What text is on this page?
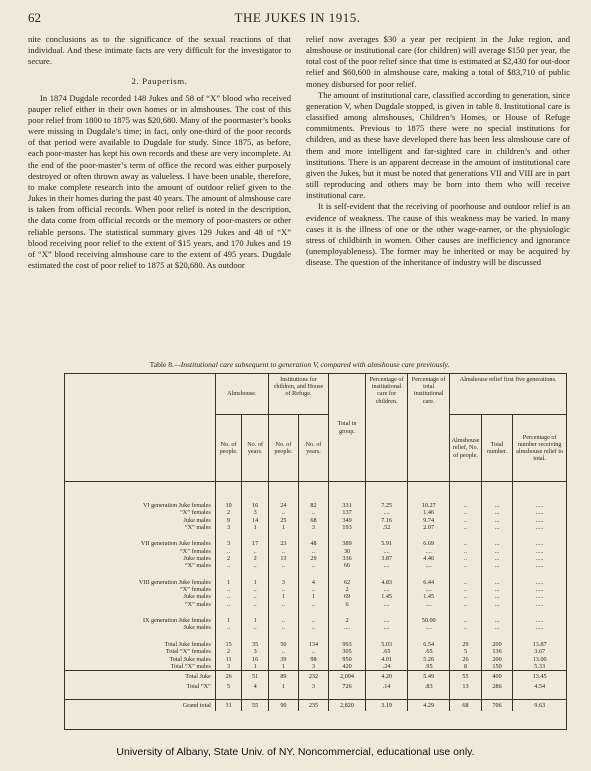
62	THE JUKES IN 1915.

nite conclusions as to the significance of the sexual reactions of that individual. And these intimate facts are very difficult for the investigator to secure.

2. Pauperism.

In 1874 Dugdale recorded 148 Jukes and 58 of “X” blood who received pauper relief either in their own homes or in almshouses. The cost of this poor relief from 1800 to 1875 was $20,680. Many of the poormaster’s books were missing in Dugdale’s time; in fact, only one-third of the poor records of that period were available to Dugdale for study. Since 1875, as before, each poor-master has kept his own records and these are very incomplete. At the end of the poor-master’s term of office the record was either purposely destroyed or often thrown away as valueless. I have been unable, therefore, to make complete research into the amount of outdoor relief given to the Jukes in their homes during the past 40 years. The amount of almshouse care is taken from official records. When poor relief is noted in the description, the data come from official records or the memory of poor-masters or other reliable persons. The statistical summary gives 129 Jukes and 48 of “X” blood receiving poor relief to the extent of $15 years, and 170 Jukes and 19 of “X” blood receiving almshouse care to the extent of 495 years. Dugdale estimated the cost of poor relief to 1875 at $20,680. As outdoor

relief now averages $30 a year per recipient in the Juke region, and almshouse or institutional care (for children) will average $150 per year, the total cost of the poor relief since that time is estimated at $2,430 for out-door relief and $60,600 in almshouse care, making a total of $83,710 of public money disbursed for poor relief.

The amount of institutional care, classified according to generation, since generation V, when Dugdale stopped, is given in table 8. Institutional care is classified among almshouses, Children’s Homes, or House of Refuge commitments. Previous to 1875 there were no special institutions for children, and as these have developed there has been less almshouse care of them and more intelligent and far-sighted care in children’s and other institutions. There is an apparent decrease in the amount of institutional care given the Jukes, but it must be noted that generations VII and VIII are in part still reproducing and others may be born into them who will receive institutional care.

It is self-evident that the receiving of poorhouse and outdoor relief is an evidence of weakness. The cause of this weakness may be varied. In many cases it is the illness of one or the other wage-earner, or the physiologic stress of childbirth in women. Other causes are inefficiency and ignorance (unemployableness). The former may be inherited or may be acquired by disease. The question of the inheritance of industry will be discussed

Table 8.—Institutional care subsequent to generation V, compared with almshouse care previously.
	Almshouse.		Institutions for children, and House of Refuge.		Total in group.	Percentage of institutional care for children.	Percentage of total institutional care.	Almshouse relief first five generations.		
	No. of people.	No. of years.	No. of people.	No. of years.				Almshouse relief, No. of people.	Total number.	Percentage of number receiving almshouse relief to total.

VI generation Juke females	10	16	24	82	331	7.25	10.27	..	...	.....
“X” females	2	3	..	..	137	....	1.46	..	...	.....
Juke males	9	14	25	68	349	7.16	9.74	..	...	.....
“X” males	3	1	1	3	193	.52	2.07	..	...	.....

VII generation Juke females	3	17	23	48	389	5.91	6.69	..	...	.....
“X” females	..	..	..	..	30	....	....	..	...	.....
Juke males	2	2	13	29	336	3.87	4.46	..	...	.....
“X” males	..	..	..	..	66	....	....	..	...	.....

VIII generation Juke females	1	1	3	4	62	4.83	6.44	..	...	.....
“X” females	..	..	..	..	2	....	....	..	...	.....
Juke males	..	..	1	1	69	1.45	1.45	..	...	.....
“X” males	..	..	..	..	6	....	....	..	...	.....

IX generation Juke females	1	1	..	..	2	....	50.00	..	...	.....
Juke males	..	..	..	..	....	....	....	..	...	.....

Total Juke females	15	35	50	134	993	5.03	6.54	29	209	13.87
Total “X” females	2	3	..	..	305	.65	.65	5	136	3.67
Total Juke males	11	16	39	98	950	4.01	5.26	26	200	13.00
Total “X” males	3	1	1	3	420	.24	.95	8	150	5.33
Total Juke	26	51	89	232	2,094	4.20	5.49	55	409	13.45
Total “X”	5	4	1	3	726	.14	.83	13	286	4.54

Grand total	31	55	90	235	2,820	3.19	4.29	68	706	9.63
University of Albany, State Univ. of NY. Noncommercial, educational use only.
